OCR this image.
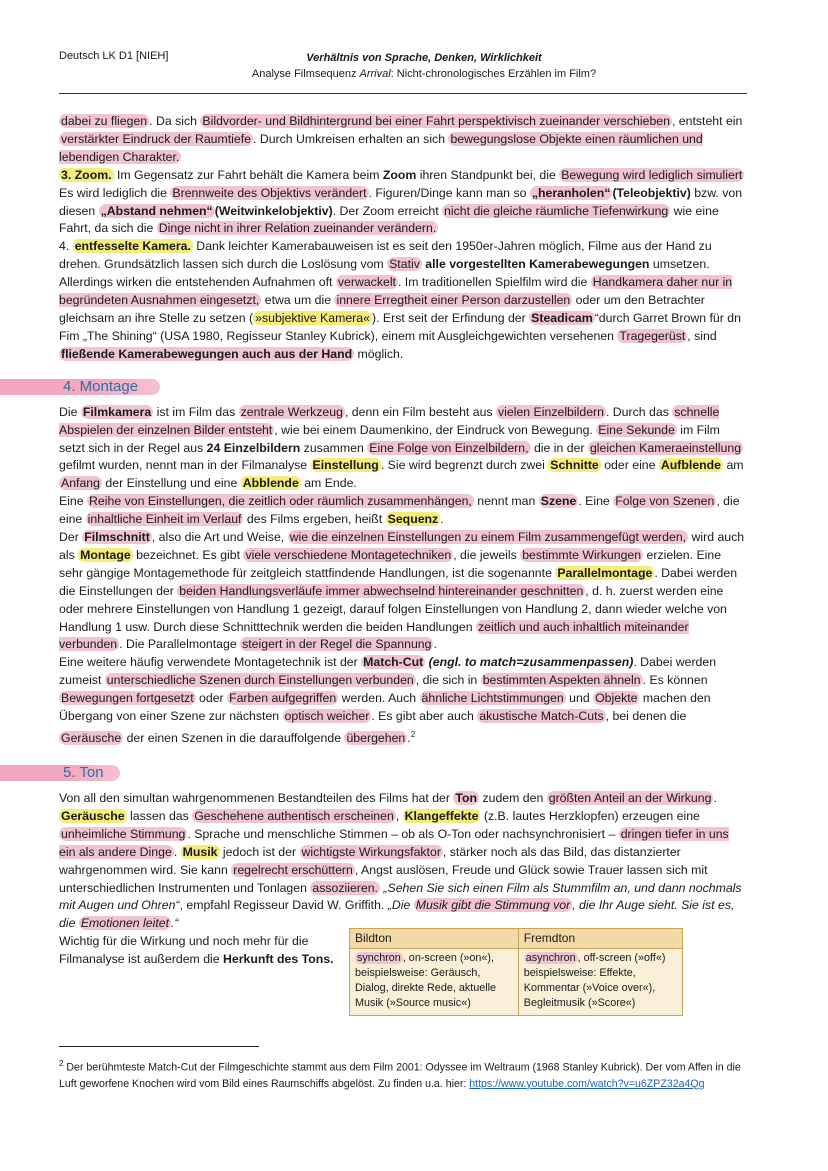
Deutsch LK D1 [NIEH]	Verhältnis von Sprache, Denken, Wirklichkeit
Analyse Filmsequenz Arrival: Nicht-chronologisches Erzählen im Film?

dabei zu fliegen . Da sich Bildvorder- und Bildhintergrund bei einer Fahrt perspektivisch zueinander verschieben , entsteht ein verstärkter Eindruck der Raumtiefe . Durch Umkreisen erhalten an sich bewegungslose Objekte einen räumlichen und lebendigen Charakter.

3. Zoom. Im Gegensatz zur Fahrt behält die Kamera beim Zoom ihren Standpunkt bei, die Bewegung wird lediglich simuliert Es wird lediglich die Brennweite des Objektivs verändert . Figuren/Dinge kann man so „heranholen“ (Teleobjektiv) bzw. von diesen „Abstand nehmen“ (Weitwinkelobjektiv). Der Zoom erreicht nicht die gleiche räumliche Tiefenwirkung wie eine Fahrt, da sich die Dinge nicht in ihrer Relation zueinander verändern.

4. entfesselte Kamera. Dank leichter Kamerabauweisen ist es seit den 1950er-Jahren möglich, Filme aus der Hand zu drehen. Grundsätzlich lassen sich durch die Loslösung vom Stativ alle vorgestellten Kamerabewegungen umsetzen. Allerdings wirken die entstehenden Aufnahmen oft verwackelt . Im traditionellen Spielfilm wird die Handkamera daher nur in begründeten Ausnahmen eingesetzt, etwa um die innere Erregtheit einer Person darzustellen oder um den Betrachter gleichsam an ihre Stelle zu setzen ( »subjektive Kamera« ). Erst seit der Erfindung der Steadicam “durch Garret Brown für dn Fim „The Shining“ (USA 1980, Regisseur Stanley Kubrick), einem mit Ausgleichgewichten versehenen Tragegerüst , sind fließende Kamerabewegungen auch aus der Hand möglich.

4. Montage

Die Filmkamera ist im Film das zentrale Werkzeug , denn ein Film besteht aus vielen Einzelbildern . Durch das schnelle Abspielen der einzelnen Bilder entsteht , wie bei einem Daumenkino, der Eindruck von Bewegung. Eine Sekunde im Film setzt sich in der Regel aus 24 Einzelbildern zusammen Eine Folge von Einzelbildern, die in der gleichen Kameraeinstellung gefilmt wurden, nennt man in der Filmanalyse Einstellung . Sie wird begrenzt durch zwei Schnitte oder eine Aufblende am Anfang der Einstellung und eine Abblende am Ende.

Eine Reihe von Einstellungen, die zeitlich oder räumlich zusammenhängen, nennt man Szene . Eine Folge von Szenen , die eine inhaltliche Einheit im Verlauf des Films ergeben, heißt Sequenz .

Der Filmschnitt , also die Art und Weise, wie die einzelnen Einstellungen zu einem Film zusammengefügt werden, wird auch als Montage bezeichnet. Es gibt viele verschiedene Montagetechniken , die jeweils bestimmte Wirkungen erzielen. Eine sehr gängige Montagemethode für zeitgleich stattfindende Handlungen, ist die sogenannte Parallelmontage . Dabei werden die Einstellungen der beiden Handlungsverläufe immer abwechselnd hintereinander geschnitten , d. h. zuerst werden eine oder mehrere Einstellungen von Handlung 1 gezeigt, darauf folgen Einstellungen von Handlung 2, dann wieder welche von Handlung 1 usw. Durch diese Schnitttechnik werden die beiden Handlungen zeitlich und auch inhaltlich miteinander verbunden . Die Parallelmontage steigert in der Regel die Spannung .

Eine weitere häufig verwendete Montagetechnik ist der Match-Cut (engl. to match=zusammenpassen). Dabei werden zumeist unterschiedliche Szenen durch Einstellungen verbunden , die sich in bestimmten Aspekten ähneln . Es können Bewegungen fortgesetzt oder Farben aufgegriffen werden. Auch ähnliche Lichtstimmungen und Objekte machen den Übergang von einer Szene zur nächsten optisch weicher . Es gibt aber auch akustische Match-Cuts , bei denen die Geräusche der einen Szenen in die darauffolgende übergehen .$^2$

5. Ton

Von all den simultan wahrgenommenen Bestandteilen des Films hat der Ton zudem den größten Anteil an der Wirkung . Geräusche lassen das Geschehene authentisch erscheinen , Klangeffekte (z.B. lautes Herzklopfen) erzeugen eine unheimliche Stimmung . Sprache und menschliche Stimmen – ob als O-Ton oder nachsynchronisiert – dringen tiefer in uns ein als andere Dinge . Musik jedoch ist der wichtigste Wirkungsfaktor , stärker noch als das Bild, das distanzierter wahrgenommen wird. Sie kann regelrecht erschüttern , Angst auslösen, Freude und Glück sowie Trauer lassen sich mit unterschiedlichen Instrumenten und Tonlagen assoziieren. „Sehen Sie sich einen Film als Stummfilm an, und dann nochmals mit Augen und Ohren“, empfahl Regisseur David W. Griffith. „Die Musik gibt die Stimmung vor , die Ihr Auge sieht. Sie ist es, die Emotionen leitet .“

Wichtig für die Wirkung und noch mehr für die Filmanalyse ist außerdem die Herkunft des Tons.
Bildton	Fremdton
synchron , on-screen (»on«), beispielsweise: Geräusch, Dialog, direkte Rede, aktuelle Musik (»Source music«)	asynchron , off-screen (»off«) beispielsweise: Effekte, Kommentar (»Voice over«), Begleitmusik (»Score«)
$^2$ Der berühmteste Match-Cut der Filmgeschichte stammt aus dem Film 2001: Odyssee im Weltraum (1968 Stanley Kubrick). Der vom Affen in die Luft geworfene Knochen wird vom Bild eines Raumschiffs abgelöst. Zu finden u.a. hier: https://www.youtube.com/watch?v=u6ZPZ32a4Qg
